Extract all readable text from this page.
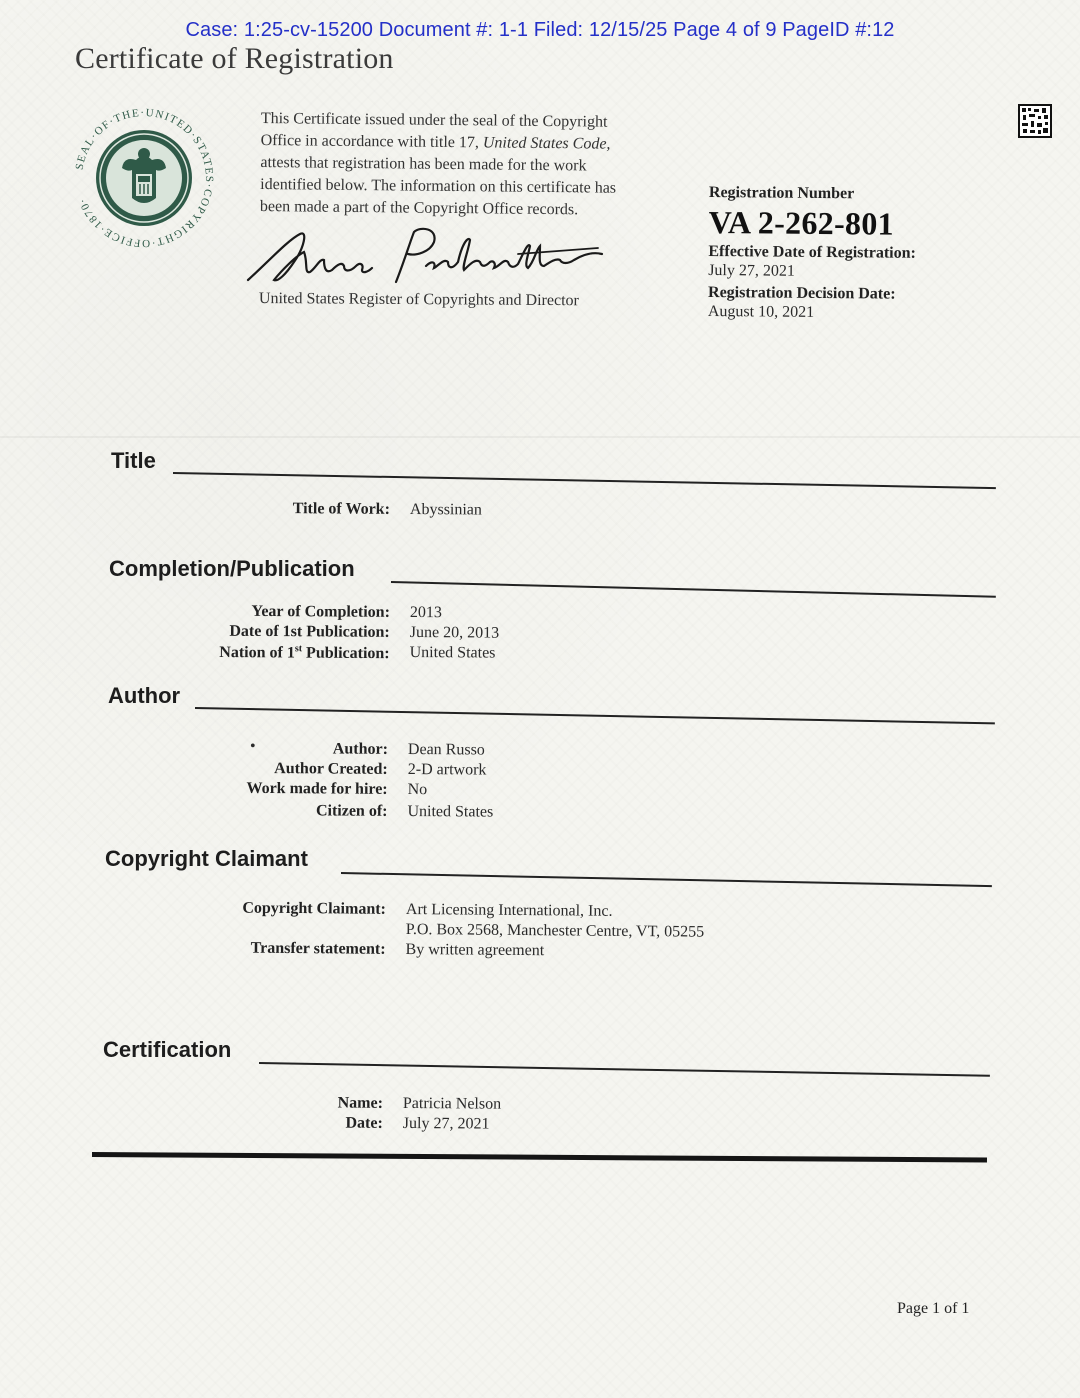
Case: 1:25-cv-15200 Document #: 1-1 Filed: 12/15/25 Page 4 of 9 PageID #:12
Certificate of Registration
SEAL·OF·THE·UNITED·STATES·COPYRIGHT·OFFICE·1870·
This Certificate issued under the seal of the Copyright
Office in accordance with title 17, United States Code,
attests that registration has been made for the work
identified below. The information on this certificate has
been made a part of the Copyright Office records.
United States Register of Copyrights and Director
Registration Number
VA 2-262-801
Effective Date of Registration:
July 27, 2021
Registration Decision Date:
August 10, 2021
Title
Title of Work: Abyssinian
Completion/Publication
Year of Completion: 2013
Date of 1st Publication: June 20, 2013
Nation of 1st Publication: United States
Author
•	Author: Dean Russo
Author Created: 2-D artwork
Work made for hire: No
Citizen of: United States
Copyright Claimant
Copyright Claimant: Art Licensing International, Inc.
P.O. Box 2568, Manchester Centre, VT, 05255
Transfer statement: By written agreement
Certification
Name: Patricia Nelson
Date: July 27, 2021
Page 1 of 1
